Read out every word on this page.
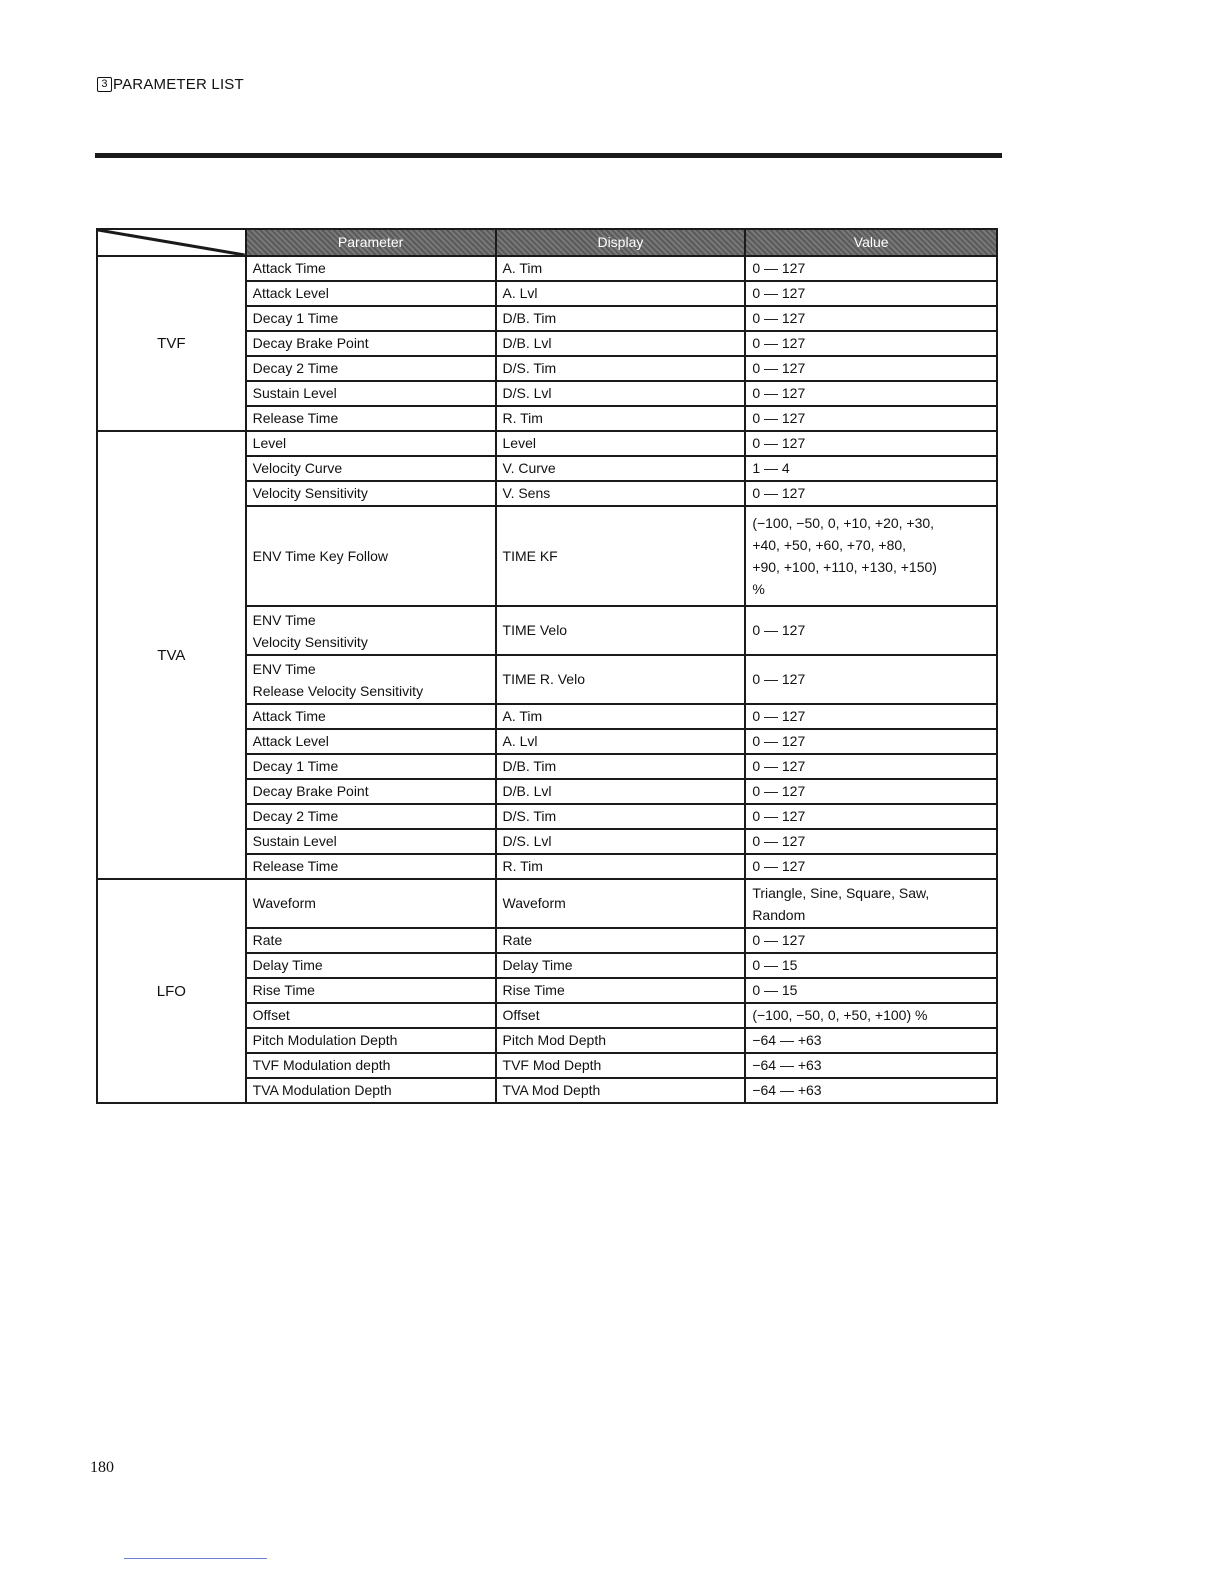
3 PARAMETER LIST
	Parameter	Display	Value
TVF	Attack Time	A. Tim	0 — 127
	Attack Level	A. Lvl	0 — 127
	Decay 1 Time	D/B. Tim	0 — 127
	Decay Brake Point	D/B. Lvl	0 — 127
	Decay 2 Time	D/S. Tim	0 — 127
	Sustain Level	D/S. Lvl	0 — 127
	Release Time	R. Tim	0 — 127
TVA	Level	Level	0 — 127
	Velocity Curve	V. Curve	1 — 4
	Velocity Sensitivity	V. Sens	0 — 127
	ENV Time Key Follow	TIME KF	(−100, −50, 0, +10, +20, +30,
+40, +50, +60, +70, +80,
+90, +100, +110, +130, +150)
%

	ENV Time
Velocity Sensitivity	TIME Velo	0 — 127

	ENV Time
Release Velocity Sensitivity	TIME R. Velo	0 — 127
	Attack Time	A. Tim	0 — 127
	Attack Level	A. Lvl	0 — 127
	Decay 1 Time	D/B. Tim	0 — 127
	Decay Brake Point	D/B. Lvl	0 — 127
	Decay 2 Time	D/S. Tim	0 — 127
	Sustain Level	D/S. Lvl	0 — 127
	Release Time	R. Tim	0 — 127
LFO	Waveform	Waveform	Triangle, Sine, Square, Saw,
Random

	Rate	Rate	0 — 127
	Delay Time	Delay Time	0 — 15
	Rise Time	Rise Time	0 — 15
	Offset	Offset	(−100, −50, 0, +50, +100) %
	Pitch Modulation Depth	Pitch Mod Depth	−64 — +63
	TVF Modulation depth	TVF Mod Depth	−64 — +63
	TVA Modulation Depth	TVA Mod Depth	−64 — +63
180
